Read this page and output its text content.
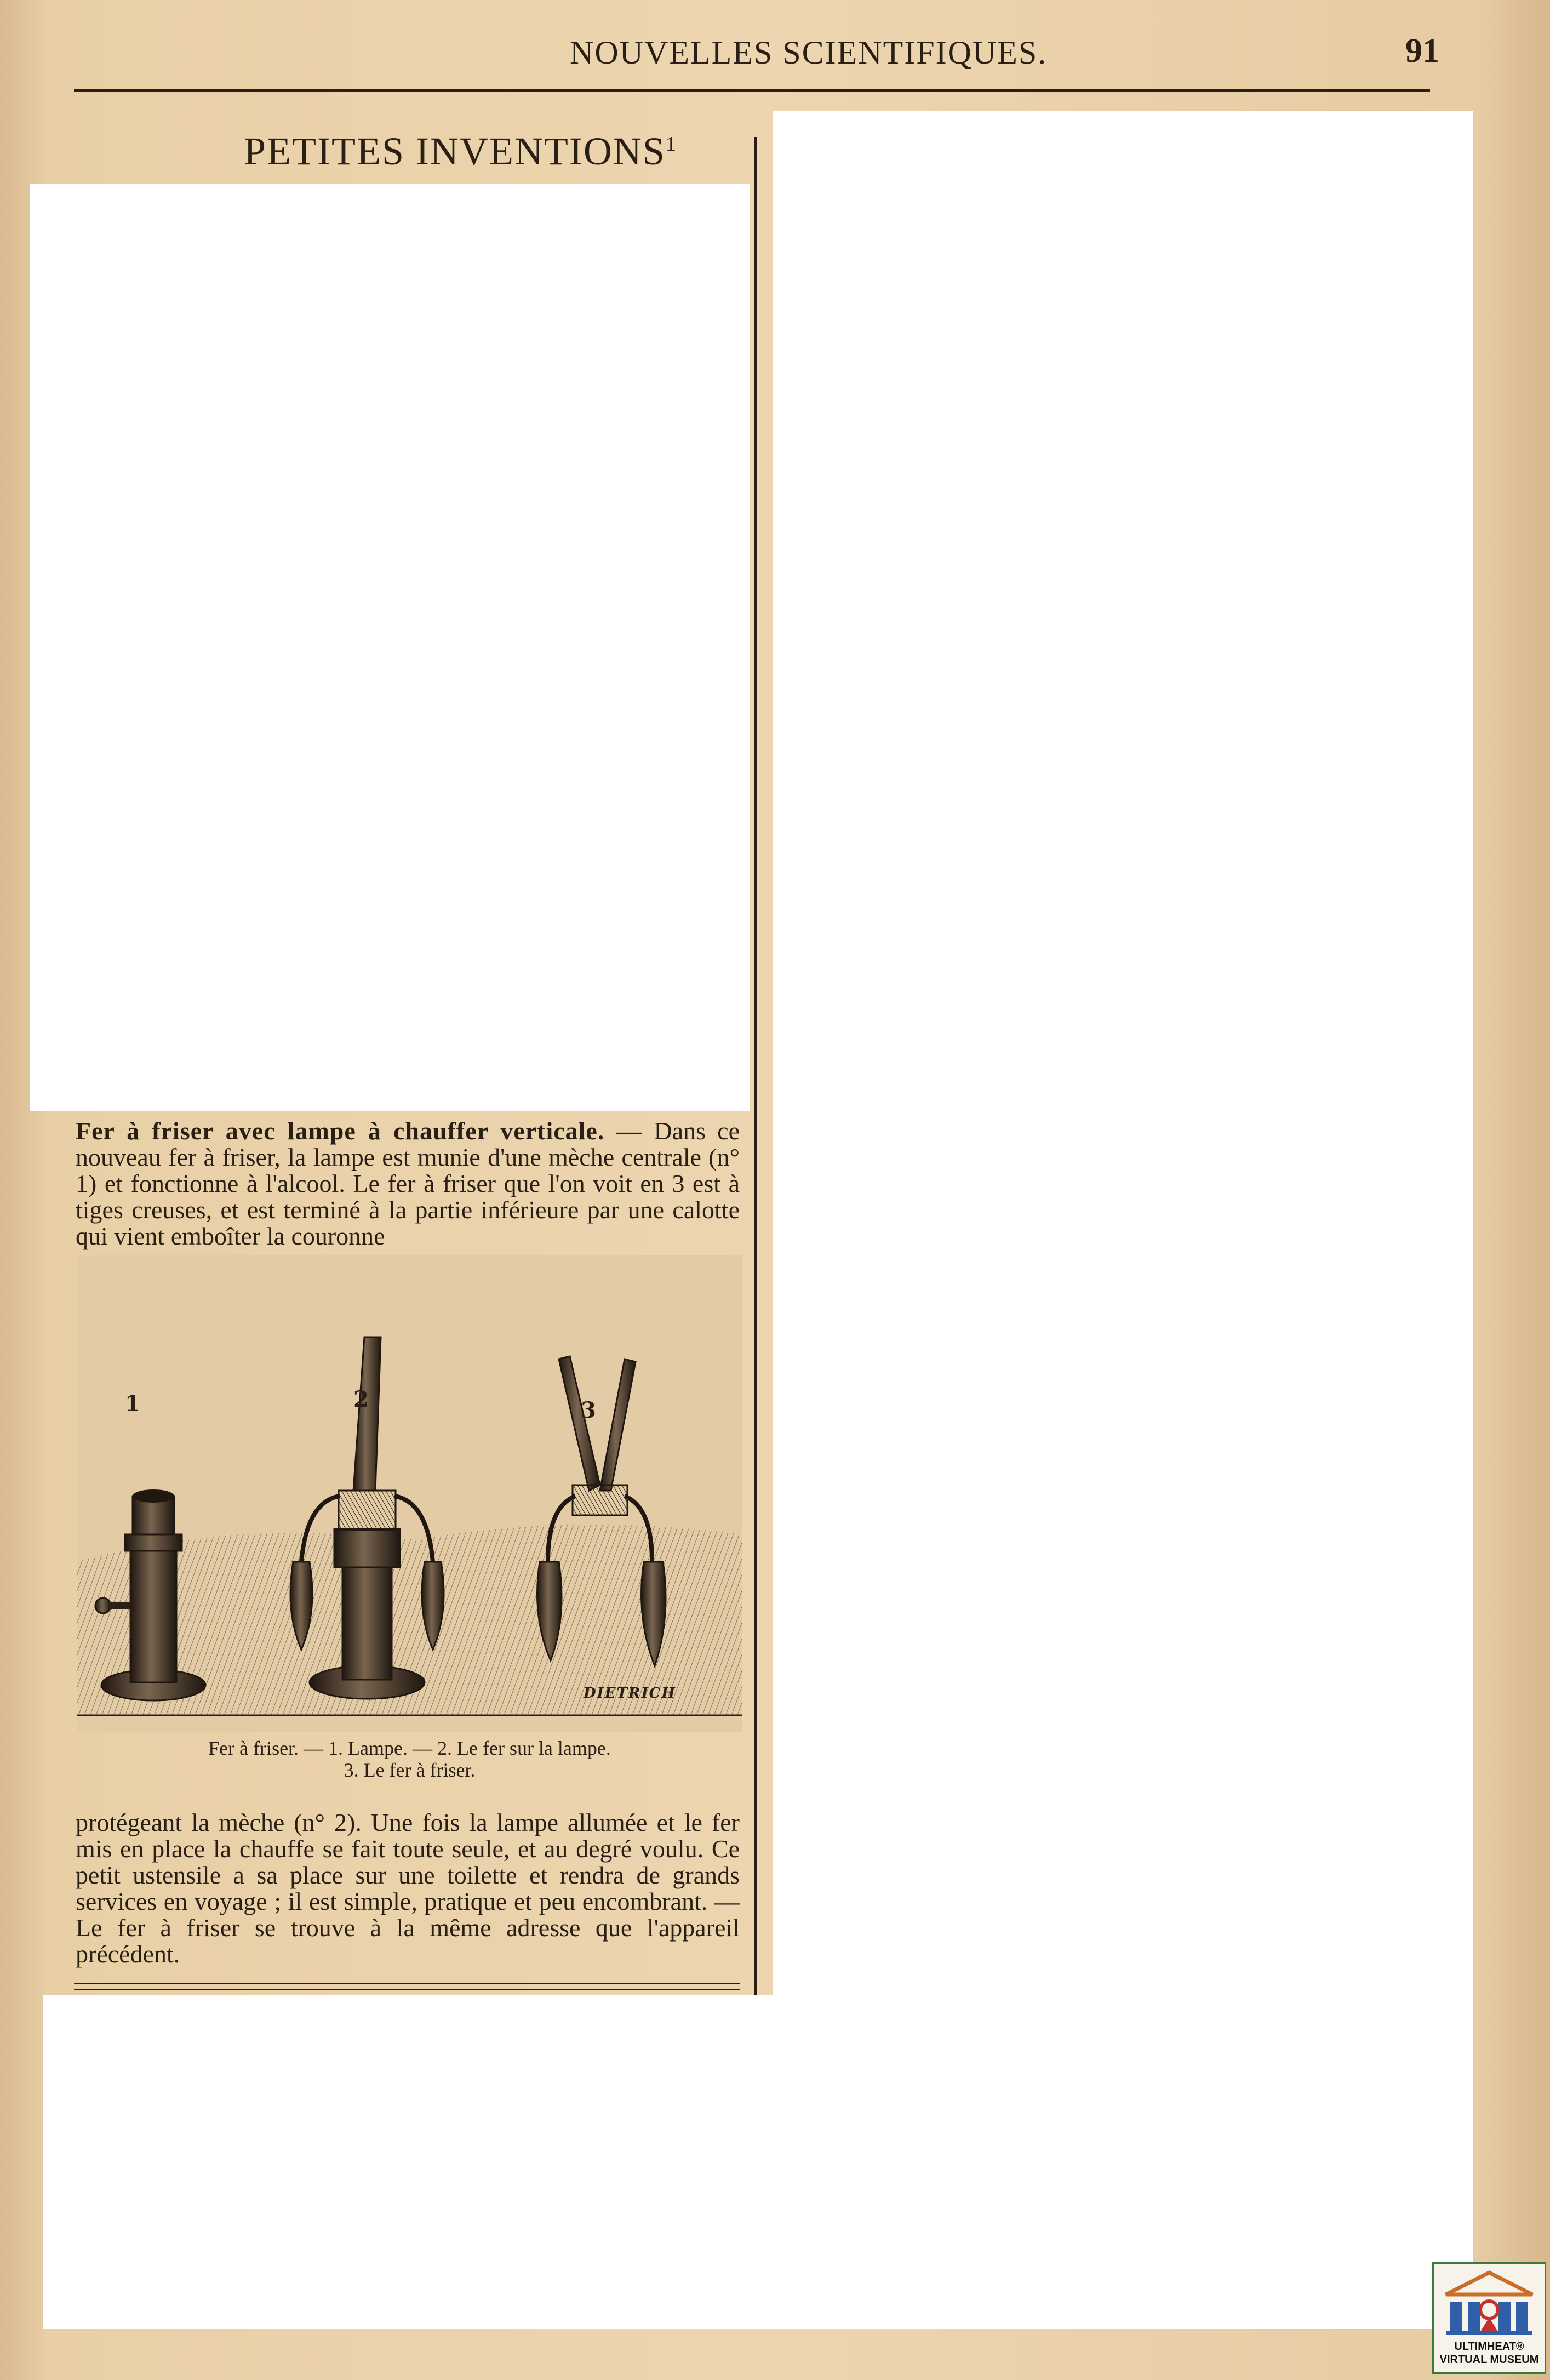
NOUVELLES SCIENTIFIQUES.	91
PETITES INVENTIONS$^1$
Fer à friser avec lampe à chauffer verticale. — Dans ce nouveau fer à friser, la lampe est munie d'une mèche centrale (n° 1) et fonctionne à l'alcool. Le fer à friser que l'on voit en 3 est à tiges creuses, et est terminé à la partie inférieure par une calotte qui vient emboîter la couronne
1	2	3
DIETRICH
Fer à friser. — 1. Lampe. — 2. Le fer sur la lampe.
3. Le fer à friser.
protégeant la mèche (n° 2). Une fois la lampe allumée et le fer mis en place la chauffe se fait toute seule, et au degré voulu. Ce petit ustensile a sa place sur une toilette et rendra de grands services en voyage ; il est simple, pratique et peu encombrant. — Le fer à friser se trouve à la même adresse que l'appareil précédent.
ULTIMHEAT®
VIRTUAL MUSEUM
